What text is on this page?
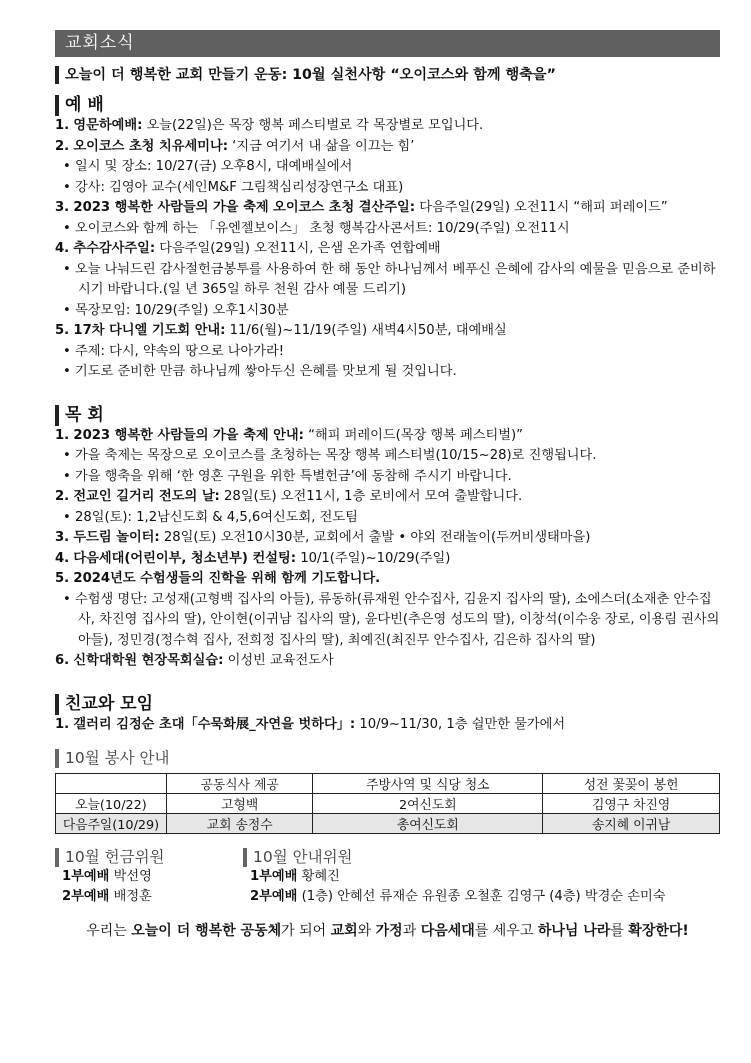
교회소식
오늘이 더 행복한 교회 만들기 운동: 10월 실천사항 “오이코스와 함께 행축을”
예 배
1. 영문하예배: 오늘(22일)은 목장 행복 페스티벌로 각 목장별로 모입니다.
2. 오이코스 초청 치유세미나: ‘지금 여기서 내 삶을 이끄는 힘’
• 일시 및 장소: 10/27(금) 오후8시, 대예배실에서
• 강사: 김영아 교수(세인M&F 그림책심리성장연구소 대표)
3. 2023 행복한 사람들의 가을 축제 오이코스 초청 결산주일: 다음주일(29일) 오전11시 “해피 퍼레이드”
• 오이코스와 함께 하는 「유엔젤보이스」 초청 행복감사콘서트: 10/29(주일) 오전11시
4. 추수감사주일: 다음주일(29일) 오전11시, 은샘 온가족 연합예배
• 오늘 나눠드린 감사절헌금봉투를 사용하여 한 해 동안 하나님께서 베푸신 은혜에 감사의 예물을 믿음으로 준비하시기 바랍니다.(일 년 365일 하루 천원 감사 예물 드리기)
• 목장모임: 10/29(주일) 오후1시30분
5. 17차 다니엘 기도회 안내: 11/6(월)~11/19(주일) 새벽4시50분, 대예배실
• 주제: 다시, 약속의 땅으로 나아가라!
• 기도로 준비한 만큼 하나님께 쌓아두신 은혜를 맛보게 될 것입니다.
목 회
1. 2023 행복한 사람들의 가을 축제 안내: “해피 퍼레이드(목장 행복 페스티벌)”
• 가을 축제는 목장으로 오이코스를 초청하는 목장 행복 페스티벌(10/15~28)로 진행됩니다.
• 가을 행축을 위해 ‘한 영혼 구원을 위한 특별헌금’에 동참해 주시기 바랍니다.
2. 전교인 길거리 전도의 날: 28일(토) 오전11시, 1층 로비에서 모여 출발합니다.
• 28일(토): 1,2남신도회 & 4,5,6여신도회, 전도팀
3. 두드림 놀이터: 28일(토) 오전10시30분, 교회에서 출발 • 야외 전래놀이(두꺼비생태마을)
4. 다음세대(어린이부, 청소년부) 컨설팅: 10/1(주일)~10/29(주일)
5. 2024년도 수험생들의 진학을 위해 함께 기도합니다.
• 수험생 명단: 고성재(고형백 집사의 아들), 류동하(류재원 안수집사, 김윤지 집사의 딸), 소에스더(소재춘 안수집사, 차진영 집사의 딸), 안이현(이귀남 집사의 딸), 윤다빈(추은영 성도의 딸), 이창석(이수웅 장로, 이용림 권사의 아들), 정민경(정수혁 집사, 전희정 집사의 딸), 최예진(최진무 안수집사, 김은하 집사의 딸)
6. 신학대학원 현장목회실습: 이성빈 교육전도사
친교와 모임
1. 갤러리 김정순 초대「수묵화展_자연을 벗하다」: 10/9~11/30, 1층 쉴만한 물가에서
10월 봉사 안내
	공동식사 제공	주방사역 및 식당 청소	성전 꽃꽂이 봉헌
오늘(10/22)	고형백	2여신도회	김영구 차진영
다음주일(10/29)	교회 송정수	총여신도회	송지혜 이귀남
10월 헌금위원
1부예배 박선영
2부예배 배정훈
10월 안내위원
1부예배 황혜진
2부예배 (1층) 안혜선 류재순 유원종 오철훈 김영구 (4층) 박경순 손미숙
우리는 오늘이 더 행복한 공동체가 되어 교회와 가정과 다음세대를 세우고 하나님 나라를 확장한다!
